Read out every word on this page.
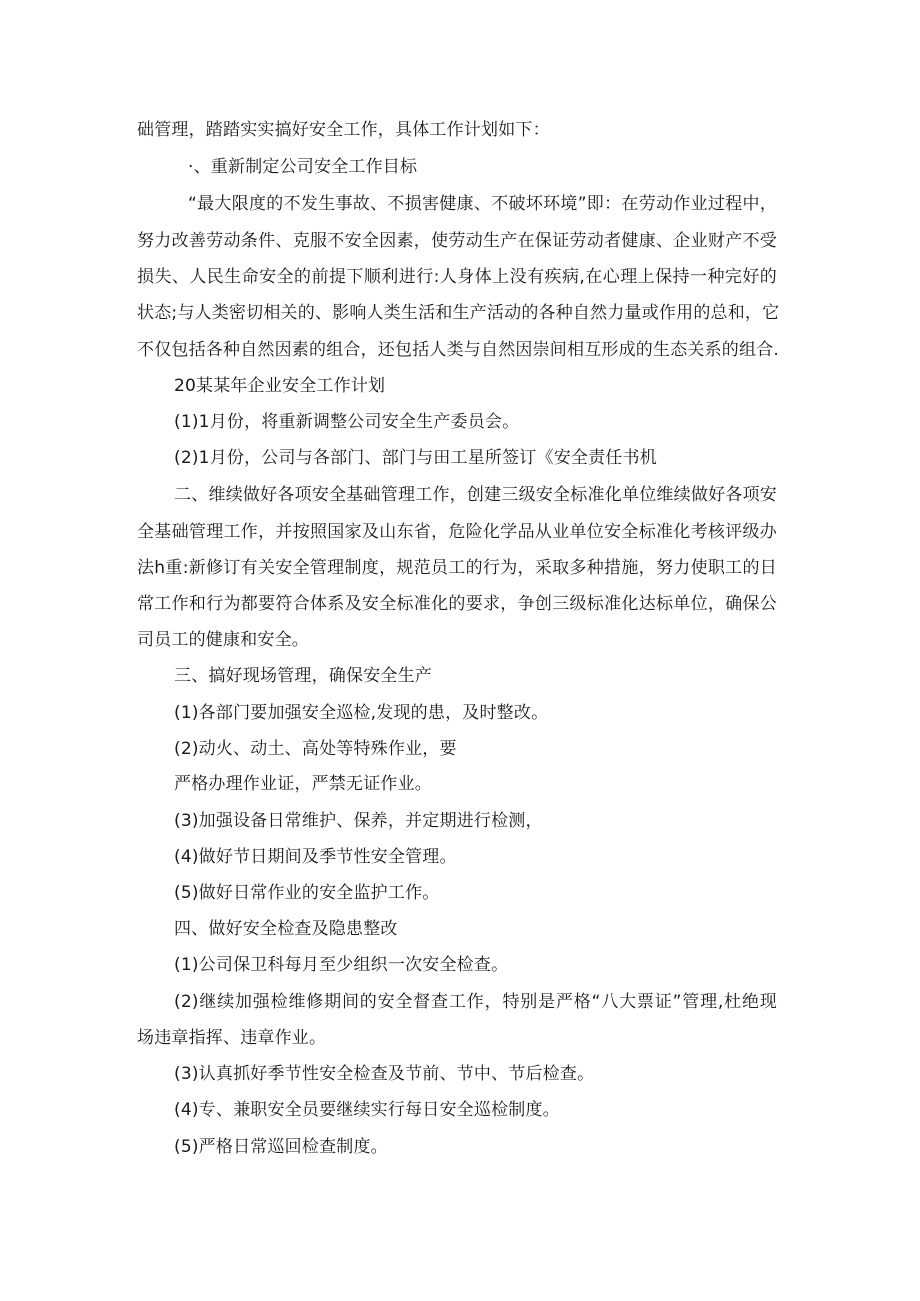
础管理，踏踏实实搞好安全工作，具体工作计划如下：
·、重新制定公司安全工作目标
“最大限度的不发生事故、不损害健康、不破坏环境”即：在劳动作业过程中，
努力改善劳动条件、克服不安全因素，使劳动生产在保证劳动者健康、企业财产不受
损失、人民生命安全的前提下顺利进行:人身体上没有疾病,在心理上保持一种完好的
状态;与人类密切相关的、影响人类生活和生产活动的各种自然力量或作用的总和，它
不仅包括各种自然因素的组合，还包括人类与自然因崇间相互形成的生态关系的组合.
20某某年企业安全工作计划
(1)1月份，将重新调整公司安全生产委员会。
(2)1月份，公司与各部门、部门与田工星所签订《安全责任书机
二、维续做好各项安全基础管理工作，创建三级安全标准化单位维续做好各项安
全基础管理工作，并按照国家及山东省，危险化学品从业单位安全标准化考核评级办
法h重:新修订有关安全管理制度，规范员工的行为，采取多种措施，努力使职工的日
常工作和行为都要符合体系及安全标准化的要求，争创三级标准化达标单位，确保公
司员工的健康和安全。
三、搞好现场管理，确保安全生产
(1)各部门要加强安全巡检,发现的患，及时整改。
(2)动火、动土、高处等特殊作业，要
严格办理作业证，严禁无证作业。
(3)加强设备日常维护、保养，并定期进行检测，
(4)做好节日期间及季节性安全管理。
(5)做好日常作业的安全监护工作。
四、做好安全检查及隐患整改
(1)公司保卫科每月至少组织一次安全检查。
(2)继续加强检维修期间的安全督查工作，特别是严格“八大票证”管理,杜绝现
场违章指挥、违章作业。
(3)认真抓好季节性安全检查及节前、节中、节后检查。
(4)专、兼职安全员要继续实行每日安全巡检制度。
(5)严格日常巡回检查制度。
